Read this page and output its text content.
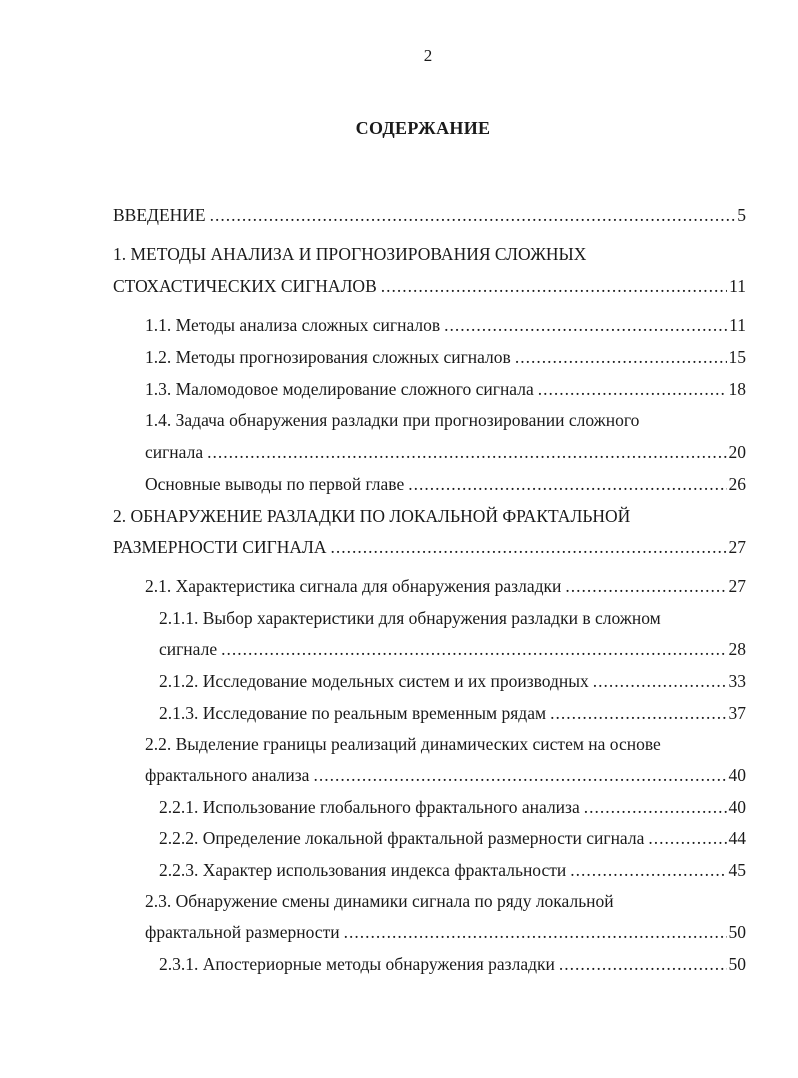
2
СОДЕРЖАНИЕ
ВВЕДЕНИЕ .....	5
1. МЕТОДЫ АНАЛИЗА И ПРОГНОЗИРОВАНИЯ СЛОЖНЫХ
СТОХАСТИЧЕСКИХ СИГНАЛОВ .....	11
1.1. Методы анализа сложных сигналов .....	11
1.2. Методы прогнозирования сложных сигналов .....	15
1.3. Маломодовое моделирование сложного сигнала .....	18
1.4. Задача обнаружения разладки при прогнозировании сложного
сигнала .....	20
Основные выводы по первой главе .....	26
2. ОБНАРУЖЕНИЕ РАЗЛАДКИ ПО ЛОКАЛЬНОЙ ФРАКТАЛЬНОЙ
РАЗМЕРНОСТИ СИГНАЛА .....	27
2.1. Характеристика сигнала для обнаружения разладки .....	27
2.1.1. Выбор характеристики для обнаружения разладки в сложном
сигнале .....	28
2.1.2. Исследование модельных систем и их производных .....	33
2.1.3. Исследование по реальным временным рядам .....	37
2.2. Выделение границы реализаций динамических систем на основе
фрактального анализа .....	40
2.2.1. Использование глобального фрактального анализа .....	40
2.2.2. Определение локальной фрактальной размерности сигнала .....	44
2.2.3. Характер использования индекса фрактальности .....	45
2.3. Обнаружение смены динамики сигнала по ряду локальной
фрактальной размерности .....	50
2.3.1. Апостериорные методы обнаружения разладки .....	50
